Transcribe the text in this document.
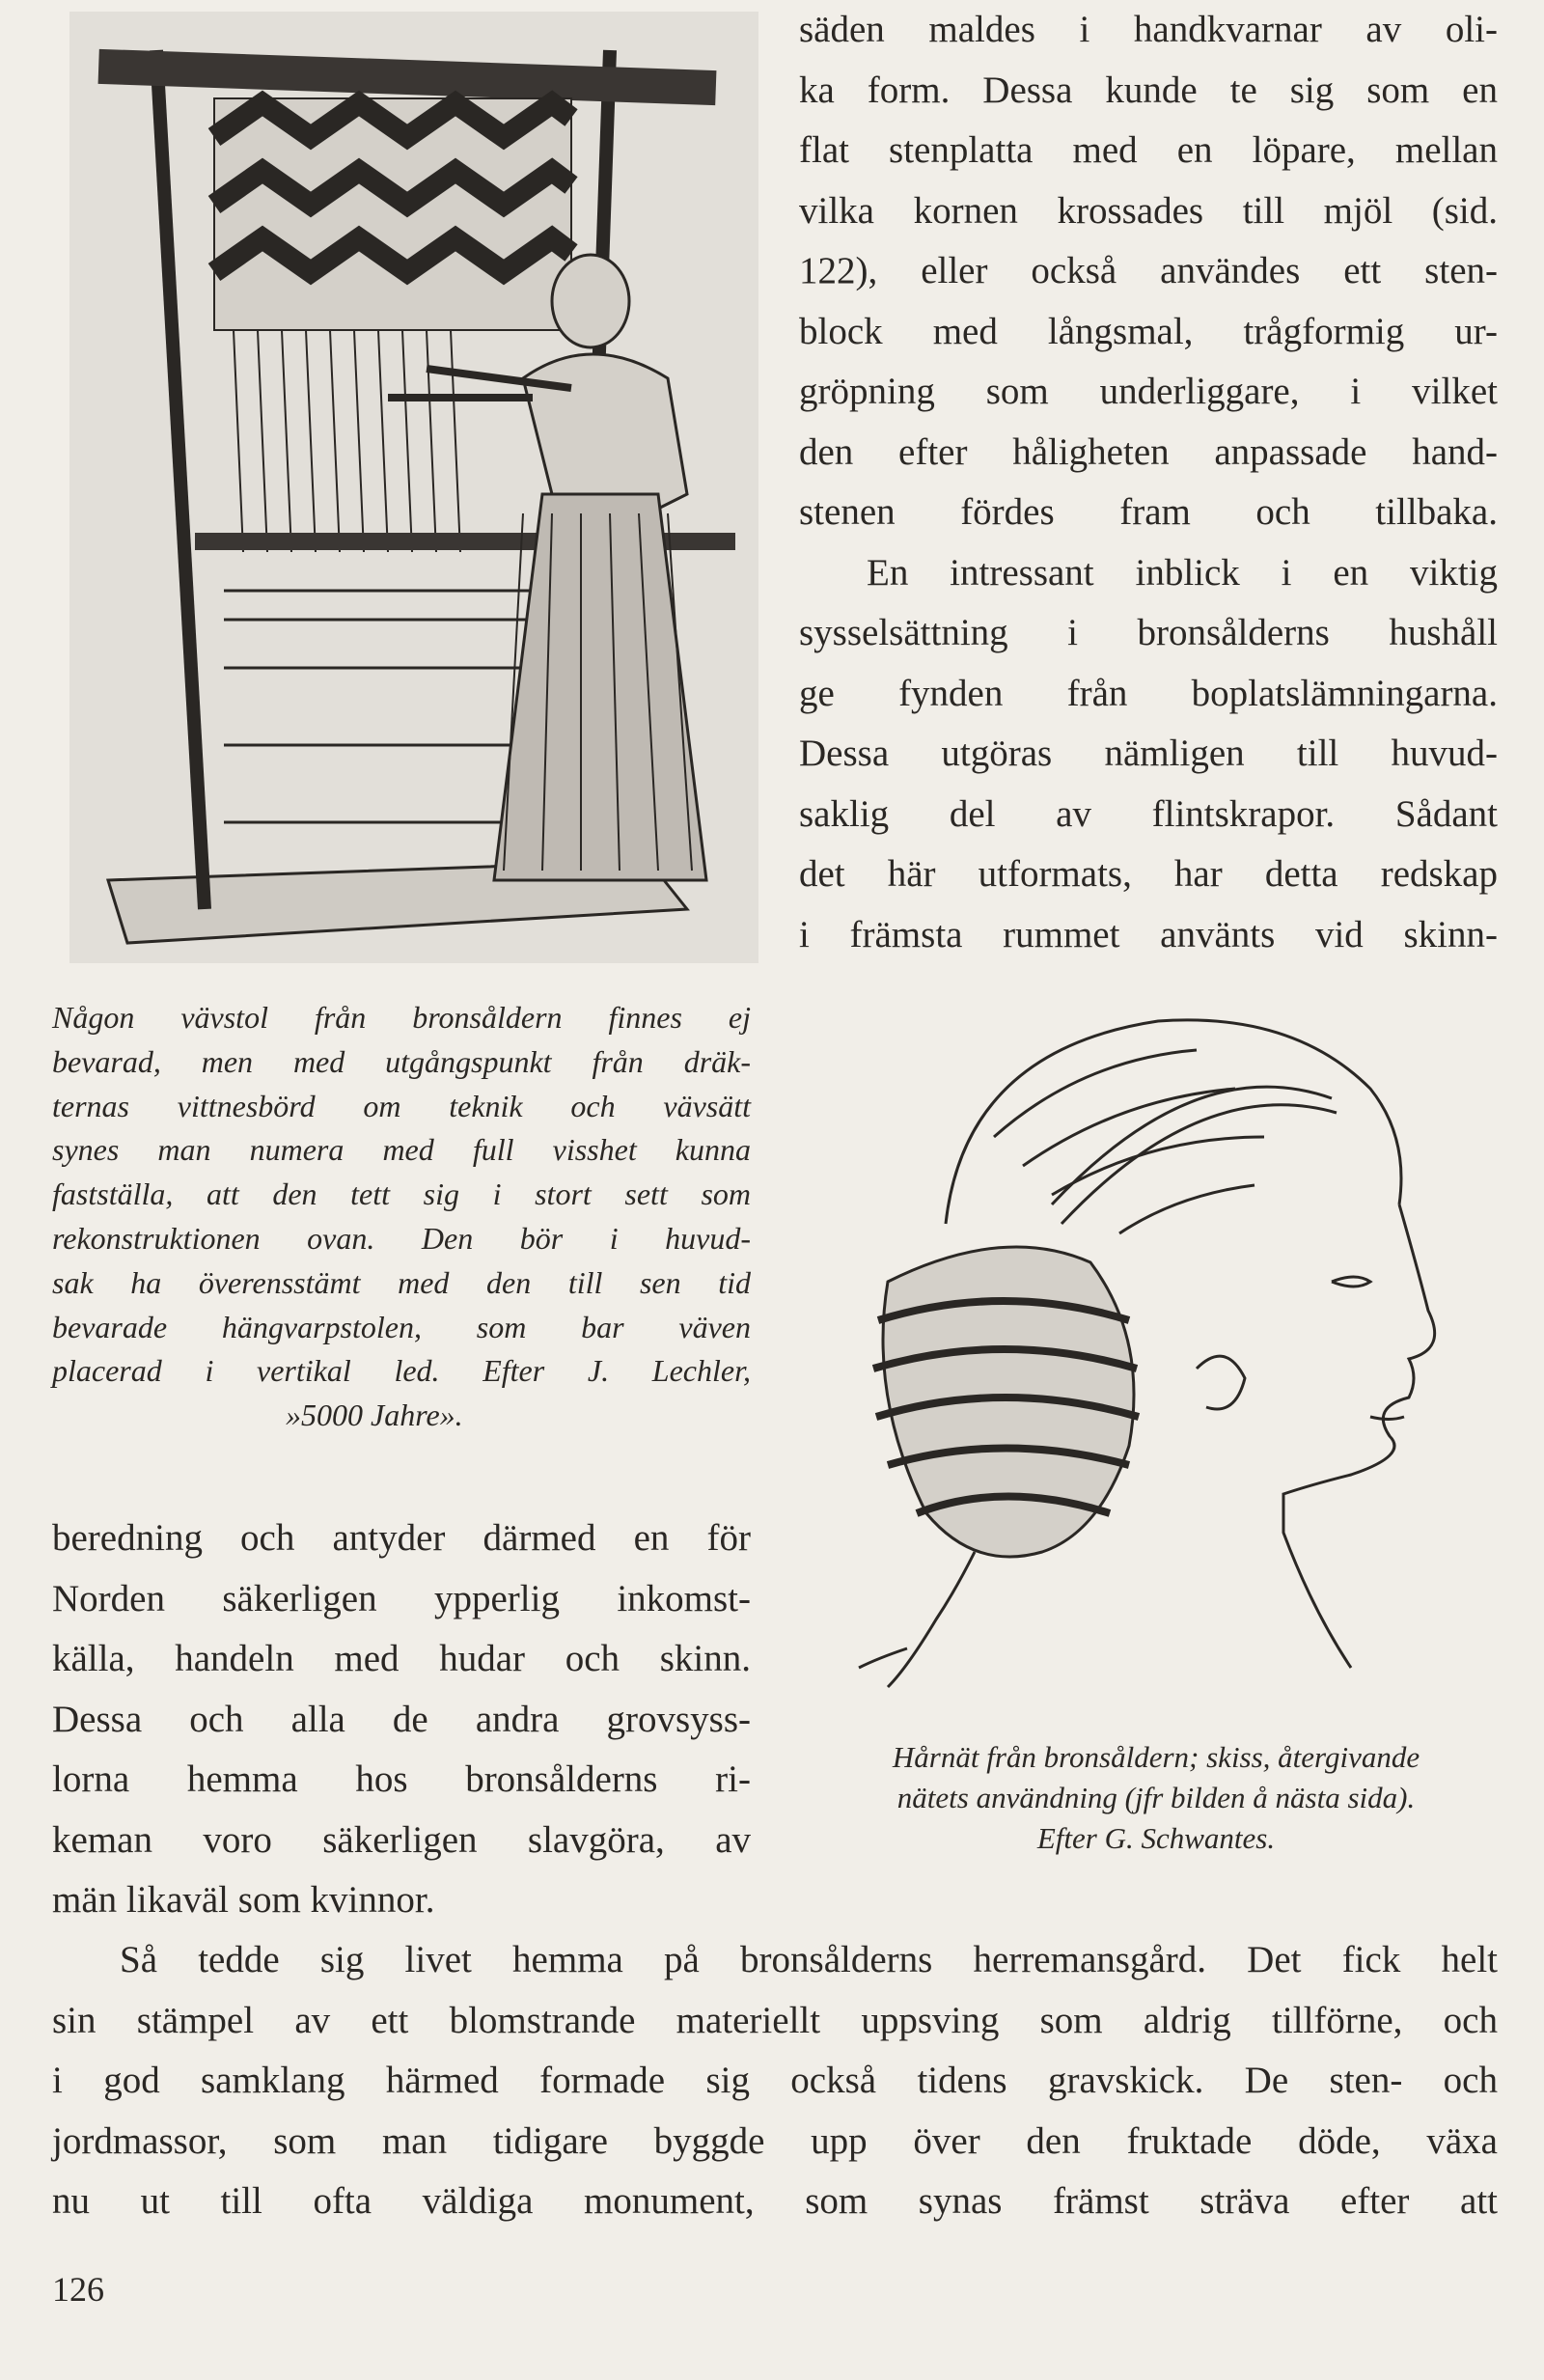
säden maldes i handkvarnar av oli-
ka form. Dessa kunde te sig som en
flat stenplatta med en löpare, mellan
vilka kornen krossades till mjöl (sid.
122), eller också användes ett sten-
block med långsmal, trågformig ur-
gröpning som underliggare, i vilket
den efter håligheten anpassade hand-
stenen fördes fram och tillbaka.

En intressant inblick i en viktig
sysselsättning i bronsålderns hushåll
ge fynden från boplatslämningarna.
Dessa utgöras nämligen till huvud-
saklig del av flintskrapor. Sådant
det här utformats, har detta redskap
i främsta rummet använts vid skinn-

Någon vävstol från bronsåldern finnes ej
bevarad, men med utgångspunkt från dräk-
ternas vittnesbörd om teknik och vävsätt
synes man numera med full visshet kunna
fastställa, att den tett sig i stort sett som
rekonstruktionen ovan. Den bör i huvud-
sak ha överensstämt med den till sen tid
bevarade hängvarpstolen, som bar väven
placerad i vertikal led. Efter J. Lechler,
»5000 Jahre».
Hårnät från bronsåldern; skiss, återgivande
nätets användning (jfr bilden å nästa sida).
Efter G. Schwantes.
beredning och antyder därmed en för
Norden säkerligen ypperlig inkomst-
källa, handeln med hudar och skinn.
Dessa och alla de andra grovsyss-
lorna hemma hos bronsålderns ri-
keman voro säkerligen slavgöra, av
män likaväl som kvinnor.
Så tedde sig livet hemma på bronsålderns herremansgård. Det fick helt
sin stämpel av ett blomstrande materiellt uppsving som aldrig tillförne, och
i god samklang härmed formade sig också tidens gravskick. De sten- och
jordmassor, som man tidigare byggde upp över den fruktade döde, växa
nu ut till ofta väldiga monument, som synas främst sträva efter att
126
